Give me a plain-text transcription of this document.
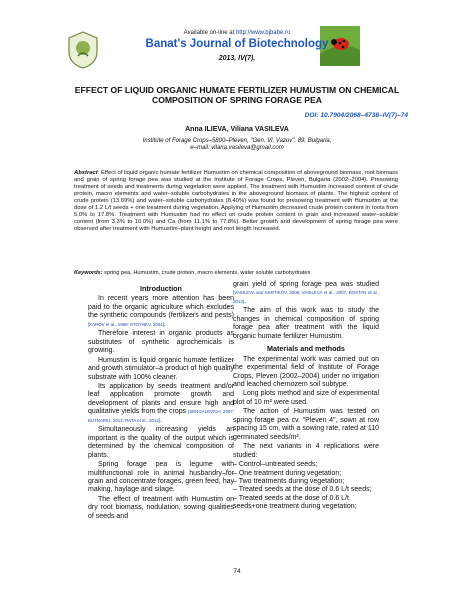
Available on-line at http://www.bjbabe.ro
Banat's Journal of Biotechnology
2013, IV(7),
EFFECT OF LIQUID ORGANIC HUMATE FERTILIZER HUMUSTIM ON CHEMICAL COMPOSITION OF SPRING FORAGE PEA
DOI: 10.7904/2068–4738–IV(7)–74
Anna ILIEVA, Viliana VASILEVA
Institute of Forage Crops–5800–Pleven, "Gen. Vl. Vazov", 89, Bulgaria,
e–mail: vilana.vasileva@gmail.com
Abstract: Effect of liquid organic humate fertilizer Humustim on chemical composition of aboveground biomass, root biomass and grain of spring forage pea was studied at the Institute of Forage Crops, Pleven, Bulgaria (2002–2004). Presowing treatment of seeds and treatments during vegetation were applied. The treatment with Humustim increased content of crude protein, macro elements and water–soluble carbohydrates in the aboveground biomass of plants. The highest content of crude protein (13.69%) and water–soluble carbohydrates (8.40%) was found for presowing treatment with Humustim at the dose of 1.2 L/t seeds + one treatment during vegetation. Applying of Humustim decreased crude protein content in roots from 5.0% to 17.8%. Treatment with Humustim had no effect on crude protein content in grain and increased water–soluble content (from 3.3% to 10.0%) and Ca (from 11.1% to 77.8%). Better growth and development of spring forage pea were observed after treatment with Humustim–plant height and root length increased.
Keywords: spring pea, Humustim, crude protein, macro elements, water soluble carbohydrates
Introduction

In recent years more attention has been paid to the organic agriculture which excludes the synthetic compounds (fertilizers and pests) [KAROV et al., 1999; STOYNEV, 2004].

Therefore interest in organic products as substitutes of synthetic agrochemicals is growing.

Humustim is liquid organic humate fertilizer and growth stimulator–a product of high quality substrate with 100% cleaner.

Its application by seeds treatment and/or leaf application promote growth and development of plants and ensure high and qualitative yields from the crops [SENGALEVICH, 2007; BUTNARIU, 2012; RATA et al., 2012].

Simultaneously increasing yields an important is the quality of the output which is determined by the chemical composition of plants.

Spring forage pea is legume with multifunctional role in animal husbandry–for grain and concentrate forages, green feed, hay making, haylage and silage.

The effect of treatment with Humustim on dry root biomass, nodulation, sowing qualities of seeds and

grain yield of spring forage pea was studied [VASILEVA and KERTIKOV, 2006; VASILEVA et al., 2007, BOSTAN et al., 2013].

The aim of this work was to study the changes in chemical composition of spring forage pea after treatment with the liquid organic humate fertilizer Humustim.

Materials and methods

The experimental work was carried out on the experimental field of Institute of Forage Crops, Pleven (2002–2004) under no irrigation and leached chernozem soil subtype.

Long plots method and size of experimental plot of 10 m² were used.

The action of Humustim was tested on spring forage pea cv. "Pleven 4", sown at row spacing 15 cm, with a sowing rate, rated at 110 germinated seeds/m².

The next variants in 4 replications were studied:

– Control–untreated seeds;
– One treatment during vegetation;
– Two treatments during vegetation;
– Treated seeds at the dose of 0.6 L/t seeds;
– Treated seeds at the dose of 0.6 L/t seeds+one treatment during vegetation;
74
